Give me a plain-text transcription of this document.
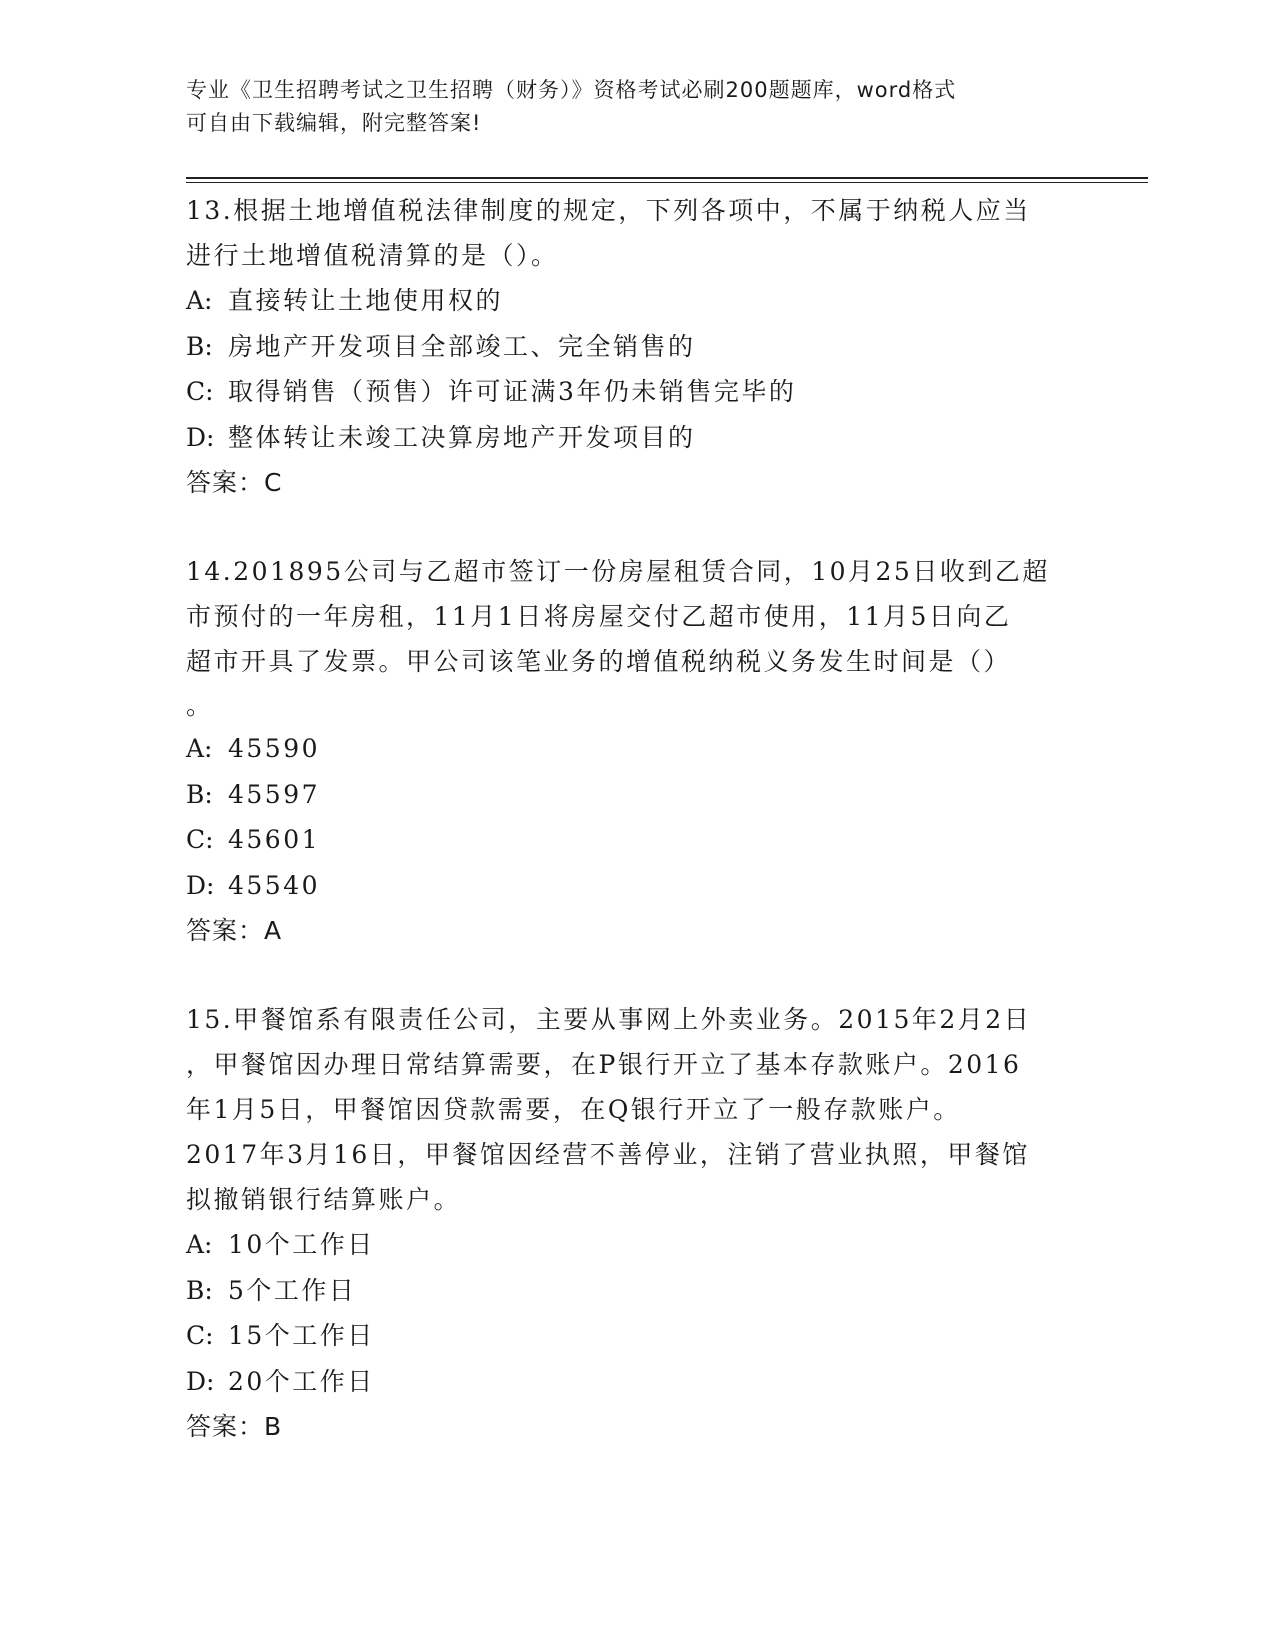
专业《卫生招聘考试之卫生招聘（财务）》资格考试必刷200题题库，word格式

可自由下载编辑，附完整答案!

13.根据土地增值税法律制度的规定，下列各项中，不属于纳税人应当
进行土地增值税清算的是（）。

A: 直接转让土地使用权的

B: 房地产开发项目全部竣工、完全销售的

C: 取得销售（预售）许可证满3年仍未销售完毕的

D: 整体转让未竣工决算房地产开发项目的

答案：C

14.201895公司与乙超市签订一份房屋租赁合同，10月25日收到乙超
市预付的一年房租，11月1日将房屋交付乙超市使用，11月5日向乙
超市开具了发票。甲公司该笔业务的增值税纳税义务发生时间是（）
。

A: 45590

B: 45597

C: 45601

D: 45540

答案：A

15.甲餐馆系有限责任公司，主要从事网上外卖业务。2015年2月2日
，甲餐馆因办理日常结算需要，在P银行开立了基本存款账户。2016
年1月5日，甲餐馆因贷款需要，在Q银行开立了一般存款账户。
2017年3月16日，甲餐馆因经营不善停业，注销了营业执照，甲餐馆
拟撤销银行结算账户。

A: 10个工作日

B: 5个工作日

C: 15个工作日

D: 20个工作日

答案：B
